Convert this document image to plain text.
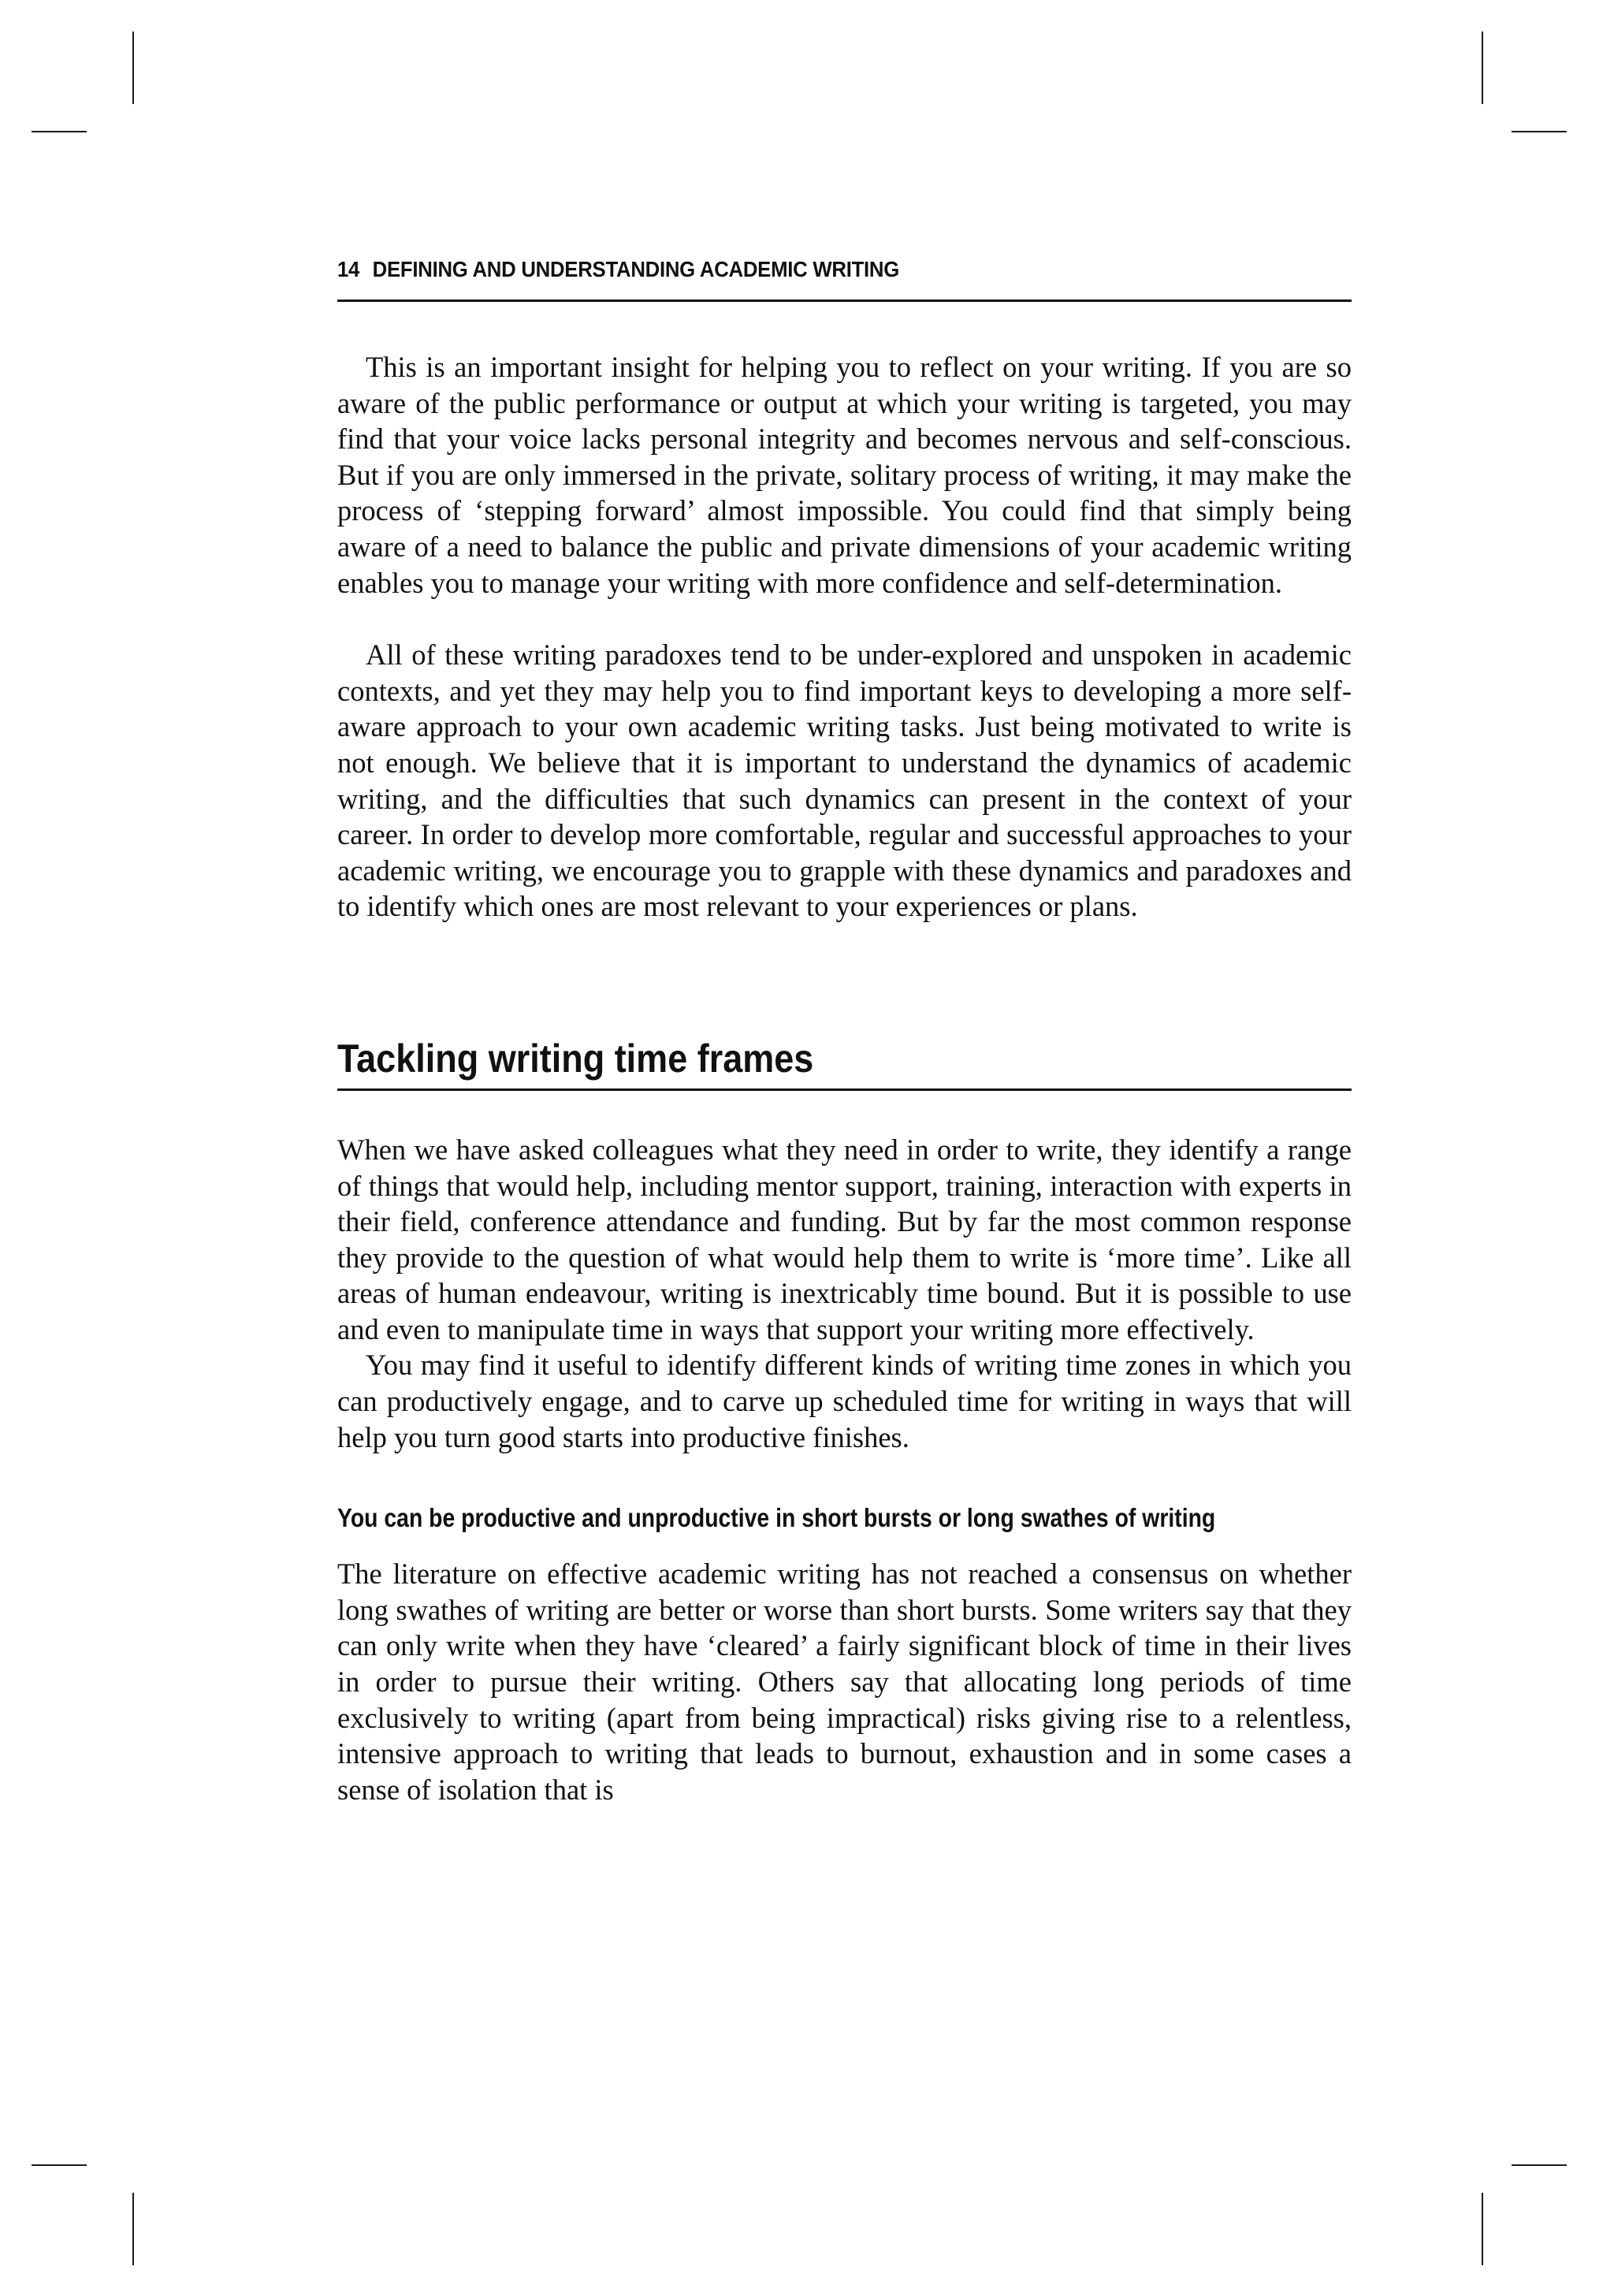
14 DEFINING AND UNDERSTANDING ACADEMIC WRITING

This is an important insight for helping you to reflect on your writing. If you are so aware of the public performance or output at which your writing is targeted, you may find that your voice lacks personal integrity and becomes nervous and self-conscious. But if you are only immersed in the private, solitary process of writing, it may make the process of ‘stepping forward’ almost impossible. You could find that simply being aware of a need to balance the public and private dimensions of your academic writing enables you to manage your writing with more confidence and self-determination.

All of these writing paradoxes tend to be under-explored and unspoken in academic contexts, and yet they may help you to find important keys to developing a more self-aware approach to your own academic writing tasks. Just being motivated to write is not enough. We believe that it is important to understand the dynamics of academic writing, and the difficulties that such dynamics can present in the context of your career. In order to develop more comfortable, regular and successful approaches to your academic writing, we encourage you to grapple with these dynamics and paradoxes and to identify which ones are most relevant to your experiences or plans.

Tackling writing time frames

When we have asked colleagues what they need in order to write, they identify a range of things that would help, including mentor support, training, interaction with experts in their field, conference attendance and funding. But by far the most common response they provide to the question of what would help them to write is ‘more time’. Like all areas of human endeavour, writing is inextricably time bound. But it is possible to use and even to manipulate time in ways that support your writing more effectively.

You may find it useful to identify different kinds of writing time zones in which you can productively engage, and to carve up scheduled time for writing in ways that will help you turn good starts into productive finishes.

You can be productive and unproductive in short bursts or long swathes of writing

The literature on effective academic writing has not reached a consensus on whether long swathes of writing are better or worse than short bursts. Some writers say that they can only write when they have ‘cleared’ a fairly significant block of time in their lives in order to pursue their writing. Others say that allocating long periods of time exclusively to writing (apart from being impractical) risks giving rise to a relentless, intensive approach to writing that leads to burnout, exhaustion and in some cases a sense of isolation that is
